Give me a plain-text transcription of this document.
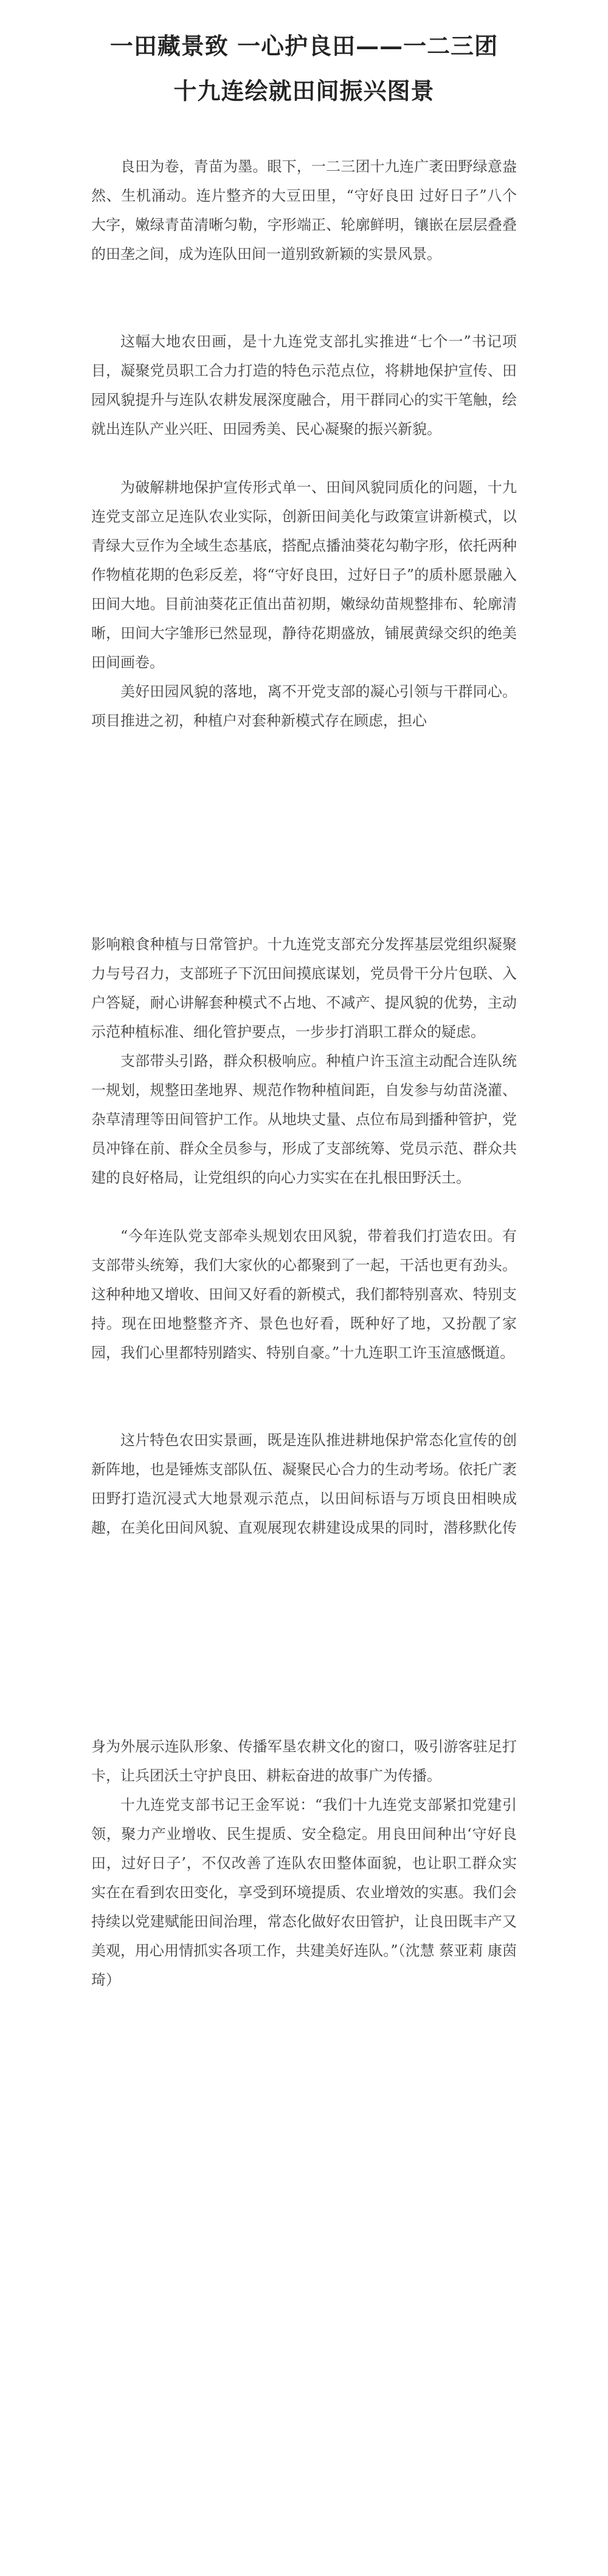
一田藏景致 一心护良田——一二三团
十九连绘就田间振兴图景

良田为卷，青苗为墨。眼下，一二三团十九连广袤田野绿意盎然、生机涌动。连片整齐的大豆田里，“守好良田 过好日子”八个大字，嫩绿青苗清晰匀勒，字形端正、轮廓鲜明，镶嵌在层层叠叠的田垄之间，成为连队田间一道别致新颖的实景风景。

这幅大地农田画，是十九连党支部扎实推进“七个一”书记项目，凝聚党员职工合力打造的特色示范点位，将耕地保护宣传、田园风貌提升与连队农耕发展深度融合，用干群同心的实干笔触，绘就出连队产业兴旺、田园秀美、民心凝聚的振兴新貌。

为破解耕地保护宣传形式单一、田间风貌同质化的问题，十九连党支部立足连队农业实际，创新田间美化与政策宣讲新模式，以青绿大豆作为全域生态基底，搭配点播油葵花勾勒字形，依托两种作物植花期的色彩反差，将“守好良田，过好日子”的质朴愿景融入田间大地。目前油葵花正值出苗初期，嫩绿幼苗规整排布、轮廓清晰，田间大字雏形已然显现，静待花期盛放，铺展黄绿交织的绝美田间画卷。

美好田园风貌的落地，离不开党支部的凝心引领与干群同心。项目推进之初，种植户对套种新模式存在顾虑，担心

影响粮食种植与日常管护。十九连党支部充分发挥基层党组织凝聚力与号召力，支部班子下沉田间摸底谋划，党员骨干分片包联、入户答疑，耐心讲解套种模式不占地、不减产、提风貌的优势，主动示范种植标准、细化管护要点，一步步打消职工群众的疑虑。

支部带头引路，群众积极响应。种植户许玉渲主动配合连队统一规划，规整田垄地界、规范作物种植间距，自发参与幼苗浇灌、杂草清理等田间管护工作。从地块丈量、点位布局到播种管护，党员冲锋在前、群众全员参与，形成了支部统筹、党员示范、群众共建的良好格局，让党组织的向心力实实在在扎根田野沃土。

“今年连队党支部牵头规划农田风貌，带着我们打造农田。有支部带头统筹，我们大家伙的心都聚到了一起，干活也更有劲头。这种种地又增收、田间又好看的新模式，我们都特别喜欢、特别支持。现在田地整整齐齐、景色也好看，既种好了地，又扮靓了家园，我们心里都特别踏实、特别自豪。”十九连职工许玉渲感慨道。

这片特色农田实景画，既是连队推进耕地保护常态化宣传的创新阵地，也是锤炼支部队伍、凝聚民心合力的生动考场。依托广袤田野打造沉浸式大地景观示范点，以田间标语与万顷良田相映成趣，在美化田间风貌、直观展现农耕建设成果的同时，潜移默化传

身为外展示连队形象、传播军垦农耕文化的窗口，吸引游客驻足打卡，让兵团沃土守护良田、耕耘奋进的故事广为传播。

十九连党支部书记王金军说：“我们十九连党支部紧扣党建引领，聚力产业增收、民生提质、安全稳定。用良田间种出‘守好良田，过好日子’，不仅改善了连队农田整体面貌，也让职工群众实实在在看到农田变化，享受到环境提质、农业增效的实惠。我们会持续以党建赋能田间治理，常态化做好农田管护，让良田既丰产又美观，用心用情抓实各项工作，共建美好连队。”（沈慧 蔡亚莉 康茵琦）
